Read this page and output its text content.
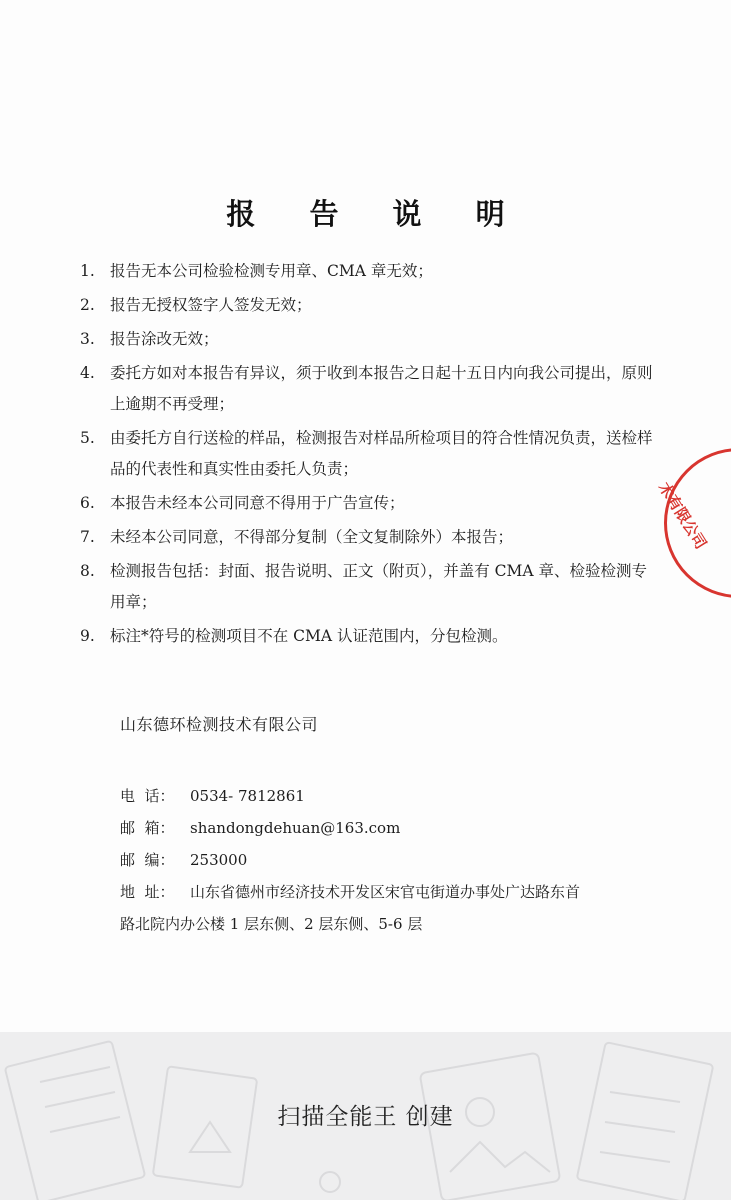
报 告 说 明
1. 报告无本公司检验检测专用章、CMA 章无效；
2. 报告无授权签字人签发无效；
3. 报告涂改无效；
4. 委托方如对本报告有异议，须于收到本报告之日起十五日内向我公司提出，原则上逾期不再受理；
5. 由委托方自行送检的样品，检测报告对样品所检项目的符合性情况负责，送检样品的代表性和真实性由委托人负责；
6. 本报告未经本公司同意不得用于广告宣传；
7. 未经本公司同意，不得部分复制（全文复制除外）本报告；
8. 检测报告包括：封面、报告说明、正文（附页），并盖有 CMA 章、检验检测专用章；
9. 标注*符号的检测项目不在 CMA 认证范围内，分包检测。
山东德环检测技术有限公司
电  话：	0534- 7812861
邮  箱：	shandongdehuan@163.com
邮  编：	253000
地  址：	山东省德州市经济技术开发区宋官屯街道办事处广达路东首
路北院内办公楼 1 层东侧、2 层东侧、5-6 层
术有限公司
扫描全能王 创建
